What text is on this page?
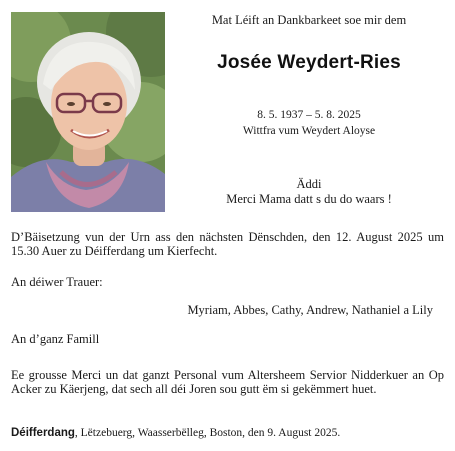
Mat Léift an Dankbarkeet soe mir dem
Josée Weydert-Ries
8. 5. 1937 – 5. 8. 2025
Wittfra vum Weydert Aloyse
Äddi
Merci Mama datt s du do waars !
D’Bäisetzung vun der Urn ass den nächsten Dënschden, den 12. August 2025 um 15.30 Auer zu Déifferdang um Kierfecht.
An déiwer Trauer:
Myriam, Abbes, Cathy, Andrew, Nathaniel a Lily
An d’ganz Famill
Ee grousse Merci un dat ganzt Personal vum Altersheem Servior Nidderkuer an Op Acker zu Käerjeng, dat sech all déi Joren sou gutt ëm si gekëmmert huet.
Déifferdang, Lëtzebuerg, Waasserbëlleg, Boston, den 9. August 2025.
